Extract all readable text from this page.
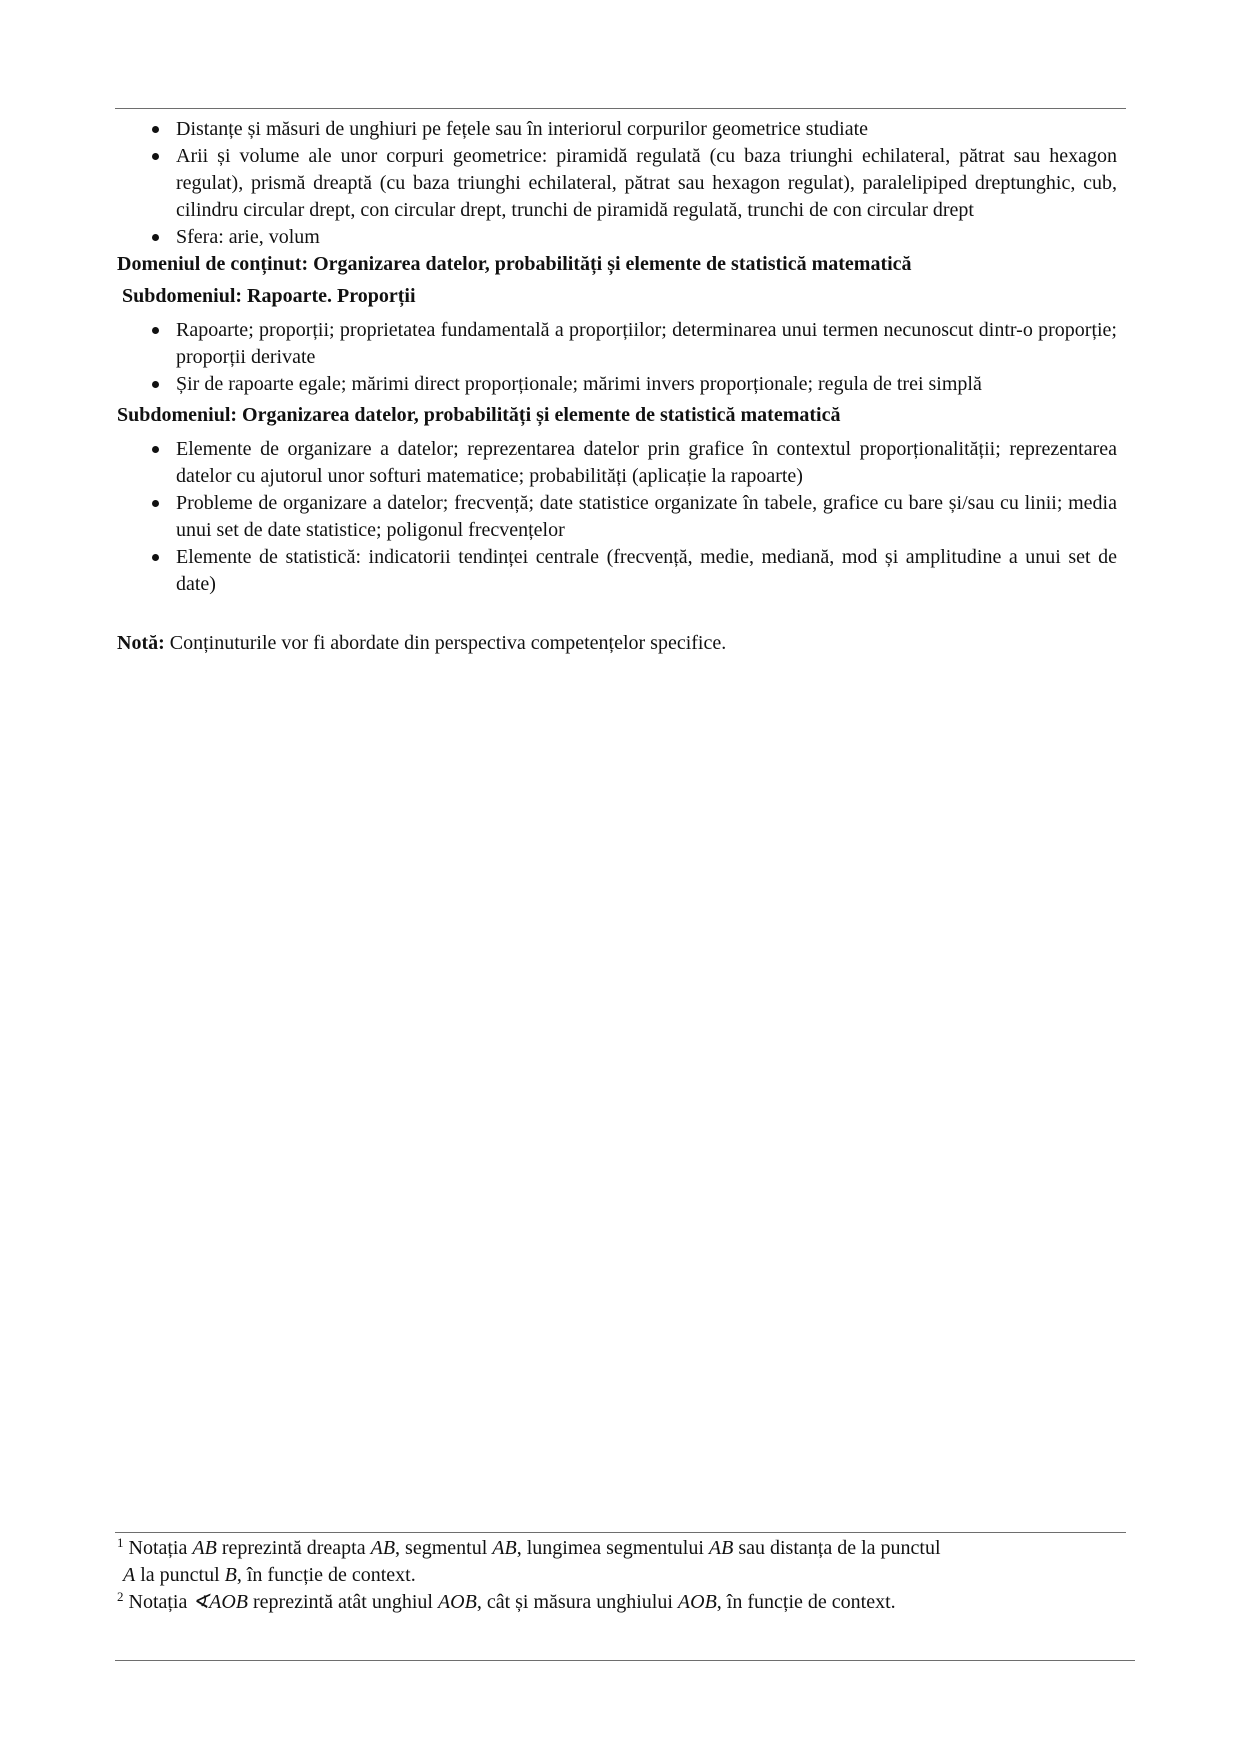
Distanțe și măsuri de unghiuri pe fețele sau în interiorul corpurilor geometrice studiate
Arii și volume ale unor corpuri geometrice: piramidă regulată (cu baza triunghi echilateral, pătrat sau hexagon regulat), prismă dreaptă (cu baza triunghi echilateral, pătrat sau hexagon regulat), paralelipiped dreptunghic, cub, cilindru circular drept, con circular drept, trunchi de piramidă regulată, trunchi de con circular drept
Sfera: arie, volum

Domeniul de conținut: Organizarea datelor, probabilități și elemente de statistică matematică

Subdomeniul: Rapoarte. Proporții

Rapoarte; proporții; proprietatea fundamentală a proporțiilor; determinarea unui termen necunoscut dintr-o proporție; proporții derivate
Șir de rapoarte egale; mărimi direct proporționale; mărimi invers proporționale; regula de trei simplă

Subdomeniul: Organizarea datelor, probabilități și elemente de statistică matematică

Elemente de organizare a datelor; reprezentarea datelor prin grafice în contextul proporționalității; reprezentarea datelor cu ajutorul unor softuri matematice; probabilități (aplicație la rapoarte)
Probleme de organizare a datelor; frecvență; date statistice organizate în tabele, grafice cu bare și/sau cu linii; media unui set de date statistice; poligonul frecvențelor
Elemente de statistică: indicatorii tendinței centrale (frecvență, medie, mediană, mod și amplitudine a unui set de date)

Notă: Conținuturile vor fi abordate din perspectiva competențelor specifice.

$^1$ Notația AB reprezintă dreapta AB, segmentul AB, lungimea segmentului AB sau distanța de la punctul
A la punctul B, în funcție de context.

$^2$ Notația ∢AOB reprezintă atât unghiul AOB, cât și măsura unghiului AOB, în funcție de context.
